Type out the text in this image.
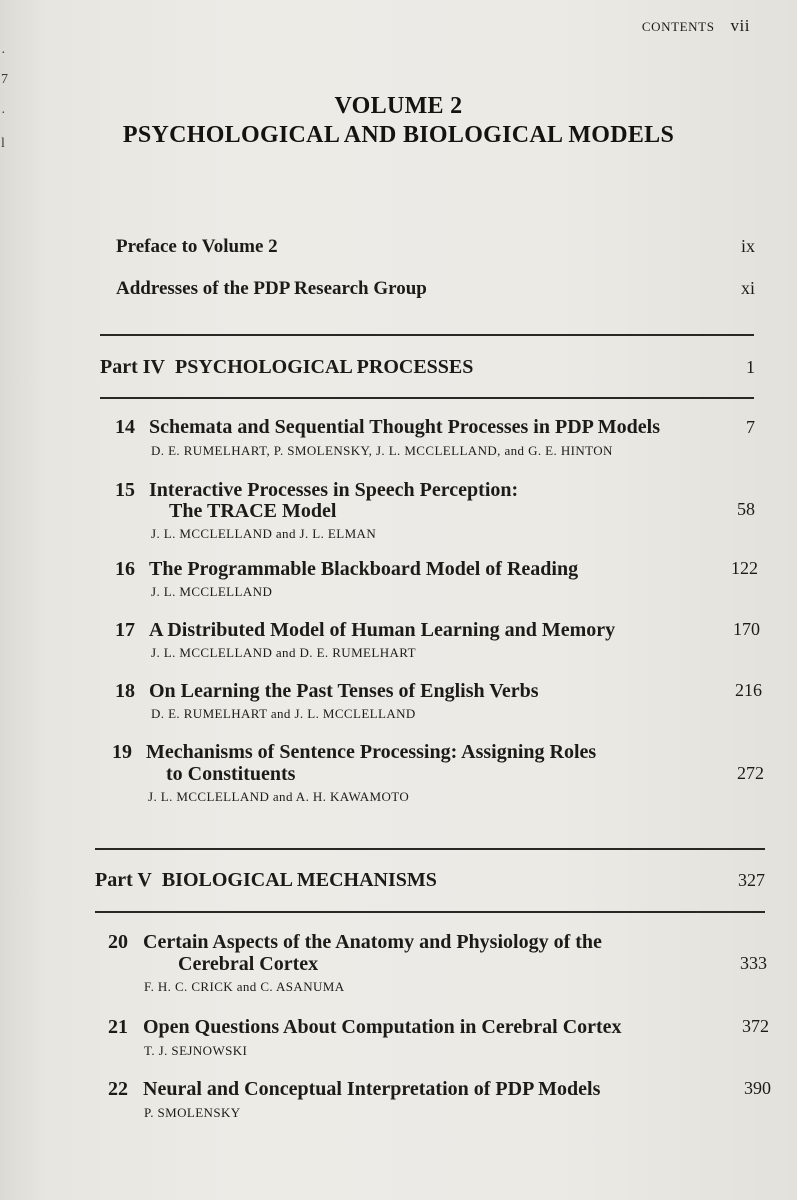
·
7
·
l
CONTENTS vii
VOLUME 2
PSYCHOLOGICAL AND BIOLOGICAL MODELS
Preface to Volume 2	ix
Addresses of the PDP Research Group	xi
Part IV PSYCHOLOGICAL PROCESSES	1
14 Schemata and Sequential Thought Processes in PDP Models	7
D. E. RUMELHART, P. SMOLENSKY, J. L. MCCLELLAND, and G. E. HINTON
15 Interactive Processes in Speech Perception:
The TRACE Model	58
J. L. MCCLELLAND and J. L. ELMAN
16 The Programmable Blackboard Model of Reading	122
J. L. MCCLELLAND
17 A Distributed Model of Human Learning and Memory	170
J. L. MCCLELLAND and D. E. RUMELHART
18 On Learning the Past Tenses of English Verbs	216
D. E. RUMELHART and J. L. MCCLELLAND
19 Mechanisms of Sentence Processing: Assigning Roles
to Constituents	272
J. L. MCCLELLAND and A. H. KAWAMOTO
Part V BIOLOGICAL MECHANISMS	327
20 Certain Aspects of the Anatomy and Physiology of the
Cerebral Cortex	333
F. H. C. CRICK and C. ASANUMA
21 Open Questions About Computation in Cerebral Cortex	372
T. J. SEJNOWSKI
22 Neural and Conceptual Interpretation of PDP Models	390
P. SMOLENSKY
